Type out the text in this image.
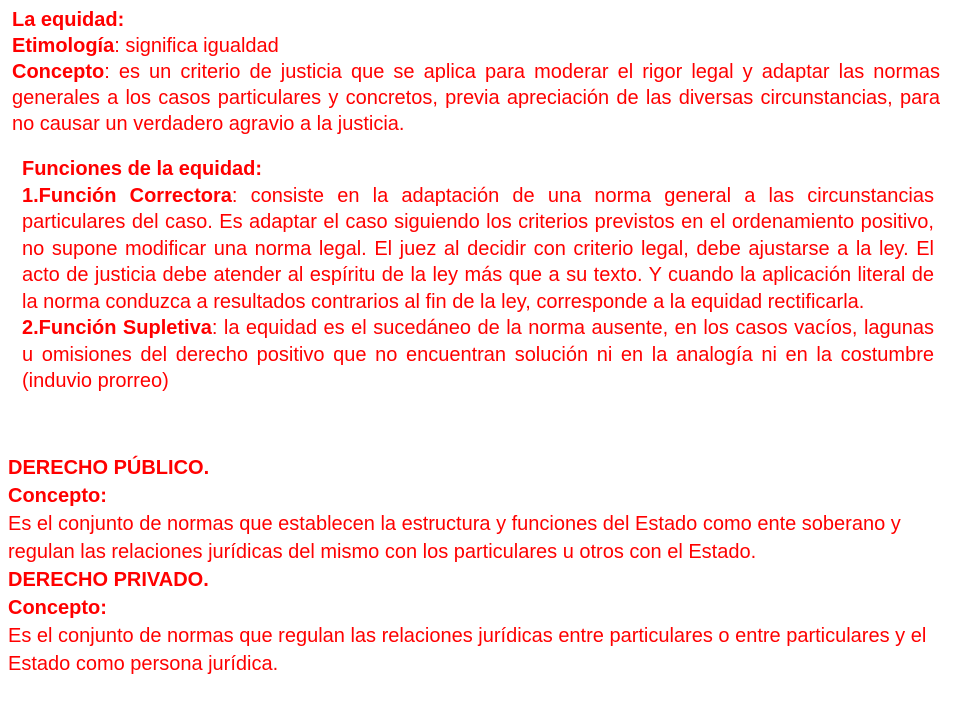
La equidad:

Etimología: significa igualdad

Concepto: es un criterio de justicia que se aplica para moderar el rigor legal y adaptar las normas generales a los casos particulares y concretos, previa apreciación de las diversas circunstancias, para no causar un verdadero agravio a la justicia.

Funciones de la equidad:

1.Función Correctora: consiste en la adaptación de una norma general a las circunstancias particulares del caso. Es adaptar el caso siguiendo los criterios previstos en el ordenamiento positivo, no supone modificar una norma legal. El juez al decidir con criterio legal, debe ajustarse a la ley. El acto de justicia debe atender al espíritu de la ley más que a su texto. Y cuando la aplicación literal de la norma conduzca a resultados contrarios al fin de la ley, corresponde a la equidad rectificarla.

2.Función Supletiva: la equidad es el sucedáneo de la norma ausente, en los casos vacíos, lagunas u omisiones del derecho positivo que no encuentran solución ni en la analogía ni en la costumbre (induvio prorreo)

DERECHO PÚBLICO.

Concepto:

Es el conjunto de normas que establecen la estructura y funciones del Estado como ente soberano y regulan las relaciones jurídicas del mismo con los particulares u otros con el Estado.

DERECHO PRIVADO.

Concepto:

Es el conjunto de normas que regulan las relaciones jurídicas entre particulares o entre particulares y el Estado como persona jurídica.
